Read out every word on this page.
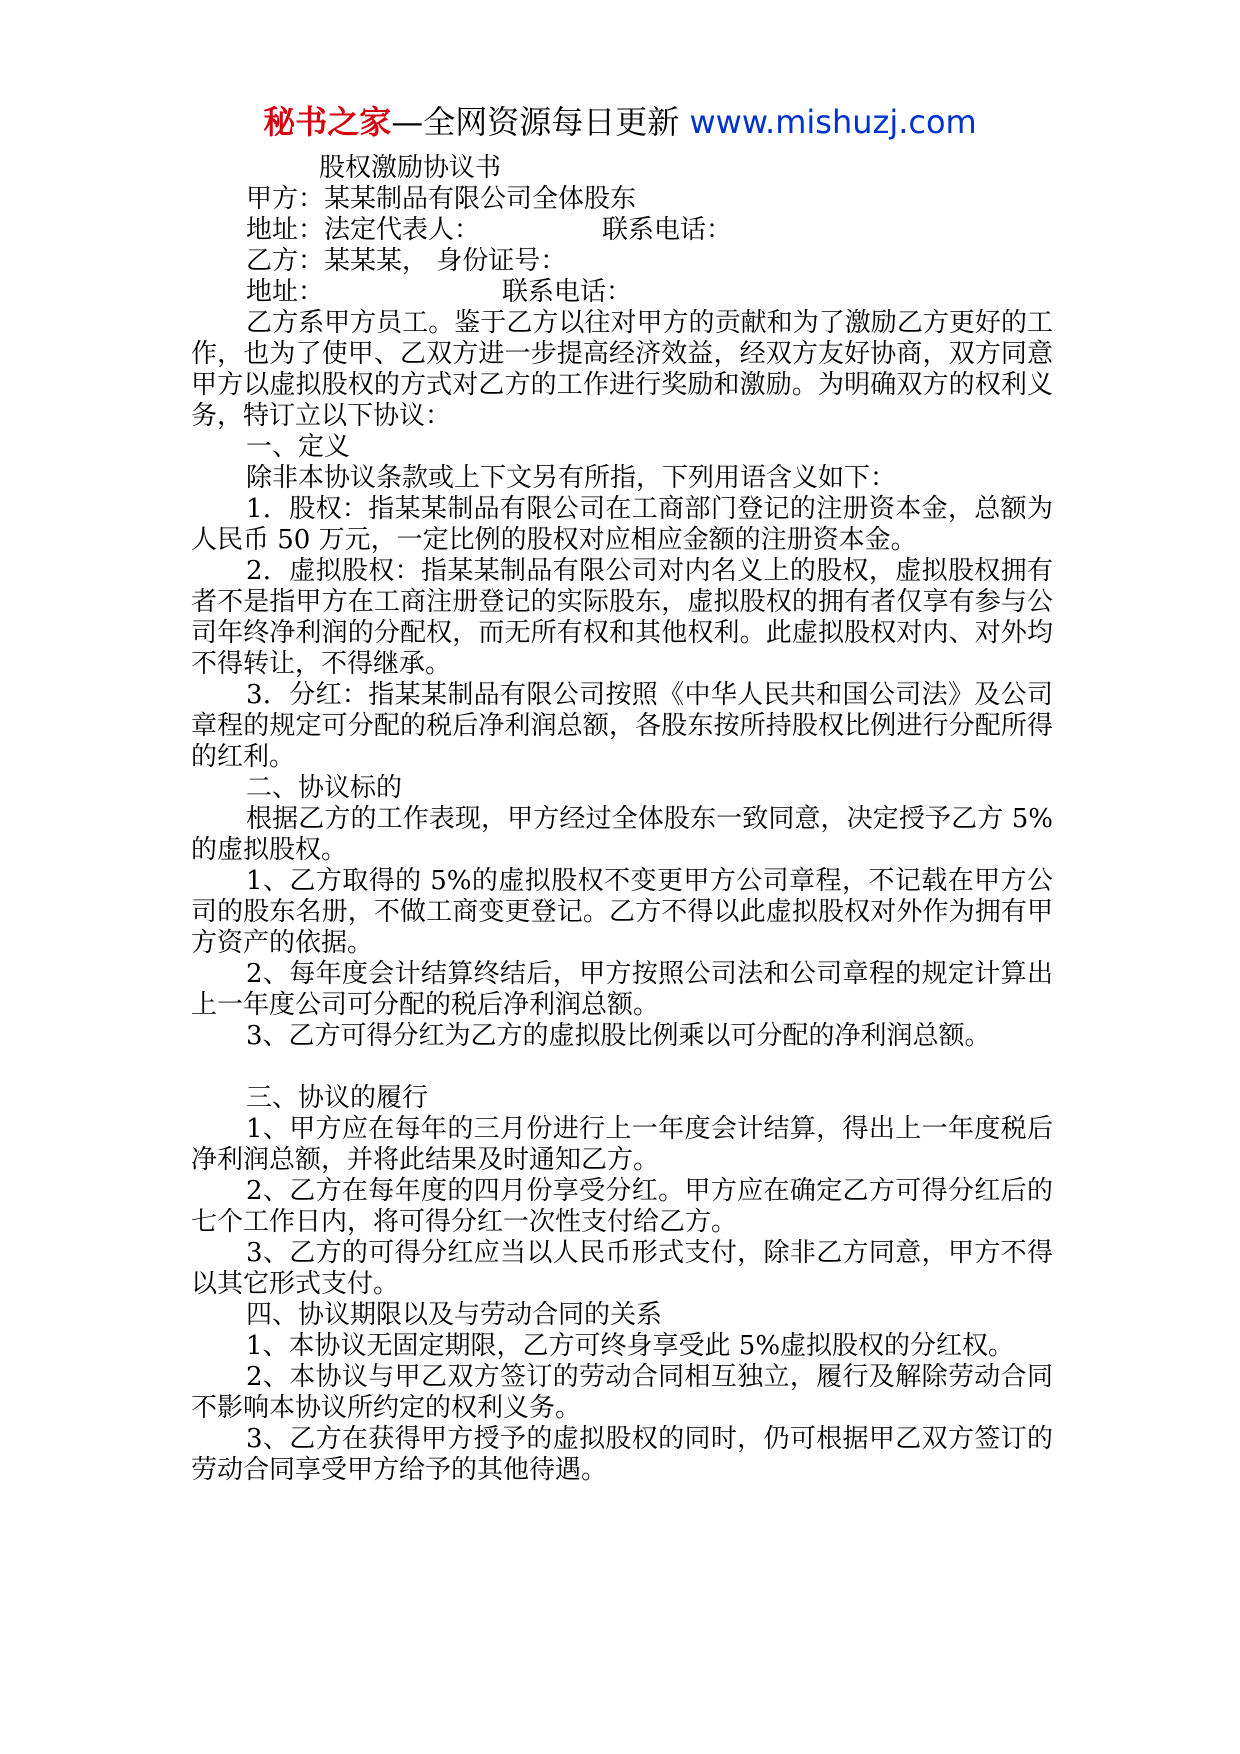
秘书之家—全网资源每日更新 www.mishuzj.com

股权激励协议书

甲方：某某制品有限公司全体股东

地址：法定代表人：	联系电话：

乙方：某某某， 身份证号：

地址：	联系电话：

乙方系甲方员工。鉴于乙方以往对甲方的贡献和为了激励乙方更好的工作，也为了使甲、乙双方进一步提高经济效益，经双方友好协商，双方同意甲方以虚拟股权的方式对乙方的工作进行奖励和激励。为明确双方的权利义务，特订立以下协议：

一、定义

除非本协议条款或上下文另有所指，下列用语含义如下：

1．股权：指某某制品有限公司在工商部门登记的注册资本金，总额为人民币 50 万元，一定比例的股权对应相应金额的注册资本金。

2．虚拟股权：指某某制品有限公司对内名义上的股权，虚拟股权拥有者不是指甲方在工商注册登记的实际股东，虚拟股权的拥有者仅享有参与公司年终净利润的分配权，而无所有权和其他权利。此虚拟股权对内、对外均不得转让，不得继承。

3．分红：指某某制品有限公司按照《中华人民共和国公司法》及公司章程的规定可分配的税后净利润总额，各股东按所持股权比例进行分配所得的红利。

二、协议标的

根据乙方的工作表现，甲方经过全体股东一致同意，决定授予乙方 5%的虚拟股权。

1、乙方取得的 5%的虚拟股权不变更甲方公司章程，不记载在甲方公司的股东名册，不做工商变更登记。乙方不得以此虚拟股权对外作为拥有甲方资产的依据。

2、每年度会计结算终结后，甲方按照公司法和公司章程的规定计算出上一年度公司可分配的税后净利润总额。

3、乙方可得分红为乙方的虚拟股比例乘以可分配的净利润总额。

三、协议的履行

1、甲方应在每年的三月份进行上一年度会计结算，得出上一年度税后净利润总额，并将此结果及时通知乙方。

2、乙方在每年度的四月份享受分红。甲方应在确定乙方可得分红后的七个工作日内，将可得分红一次性支付给乙方。

3、乙方的可得分红应当以人民币形式支付，除非乙方同意，甲方不得以其它形式支付。

四、协议期限以及与劳动合同的关系

1、本协议无固定期限，乙方可终身享受此 5%虚拟股权的分红权。

2、本协议与甲乙双方签订的劳动合同相互独立，履行及解除劳动合同不影响本协议所约定的权利义务。

3、乙方在获得甲方授予的虚拟股权的同时，仍可根据甲乙双方签订的劳动合同享受甲方给予的其他待遇。
